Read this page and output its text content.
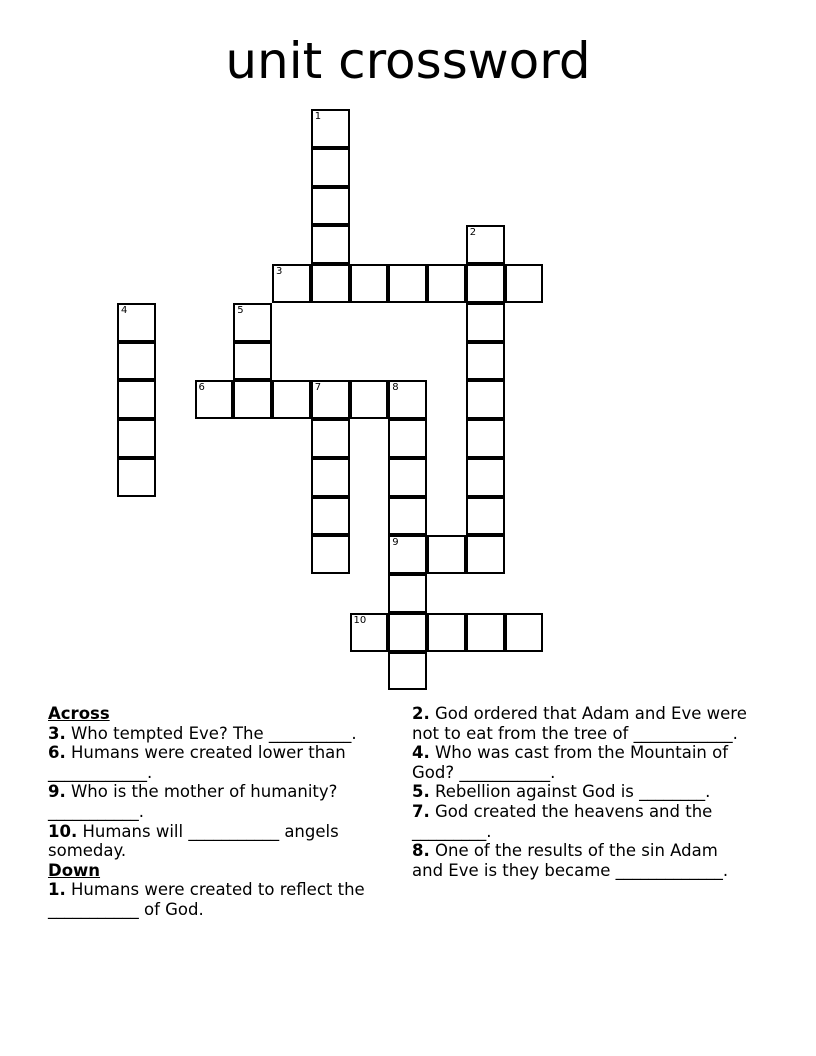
unit crossword
1
2
3
4	5
6	7	8
9
10
Across
3. Who tempted Eve? The __________.
6. Humans were created lower than ____________.
9. Who is the mother of humanity? ___________.
10. Humans will ___________ angels someday.
Down
1. Humans were created to reflect the ___________ of God.
2. God ordered that Adam and Eve were not to eat from the tree of ____________.
4. Who was cast from the Mountain of God? ___________.
5. Rebellion against God is ________.
7. God created the heavens and the _________.
8. One of the results of the sin Adam and Eve is they became _____________.
